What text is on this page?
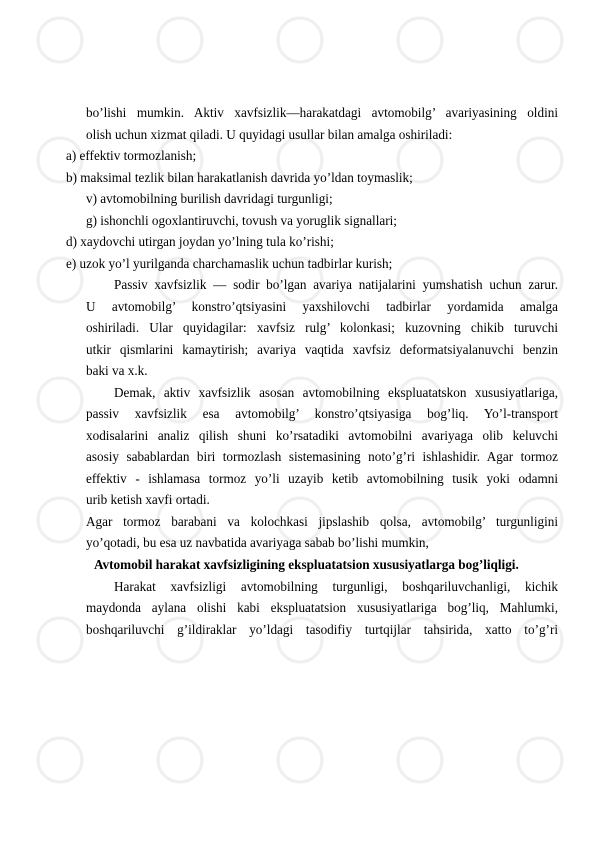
bo’lishi mumkin. Aktiv xavfsizlik—harakatdagi avtomobilg’ avariyasining oldini
olish uchun xizmat qiladi. U quyidagi usullar bilan amalga oshiriladi:
a) effektiv tormozlanish;
b) maksimal tezlik bilan harakatlanish davrida yo’ldan toymaslik;
v) avtomobilning burilish davridagi turgunligi;
g) ishonchli ogoxlantiruvchi, tovush va yoruglik signallari;
d) xaydovchi utirgan joydan yo’lning tula ko’rishi;
e) uzok yo’l yurilganda charchamaslik uchun tadbirlar kurish;
Passiv xavfsizlik — sodir bo’lgan avariya natijalarini yumshatish uchun zarur.
U avtomobilg’ konstro’qtsiyasini yaxshilovchi tadbirlar yordamida amalga
oshiriladi. Ular quyidagilar: xavfsiz rulg’ kolonkasi; kuzovning chikib turuvchi
utkir qismlarini kamaytirish; avariya vaqtida xavfsiz deformatsiyalanuvchi benzin
baki va x.k.
Demak, aktiv xavfsizlik asosan avtomobilning ekspluatatskon xususiyatlariga,
passiv xavfsizlik esa avtomobilg’ konstro’qtsiyasiga bog’liq. Yo’l-transport
xodisalarini analiz qilish shuni ko’rsatadiki avtomobilni avariyaga olib keluvchi
asosiy sabablardan biri tormozlash sistemasining noto’g’ri ishlashidir. Agar tormoz
effektiv - ishlamasa tormoz yo’li uzayib ketib avtomobilning tusik yoki odamni
urib ketish xavfi ortadi.
Agar tormoz barabani va kolochkasi jipslashib qolsa, avtomobilg’ turgunligini
yo’qotadi, bu esa uz navbatida avariyaga sabab bo’lishi mumkin,
Avtomobil harakat xavfsizligining ekspluatatsion xususiyatlarga bog’liqligi.
Harakat xavfsizligi avtomobilning turgunligi, boshqariluvchanligi, kichik
maydonda aylana olishi kabi ekspluatatsion xususiyatlariga bog’liq, Mahlumki,
boshqariluvchi g’ildiraklar yo’ldagi tasodifiy turtqijlar tahsirida, xatto to’g’ri
